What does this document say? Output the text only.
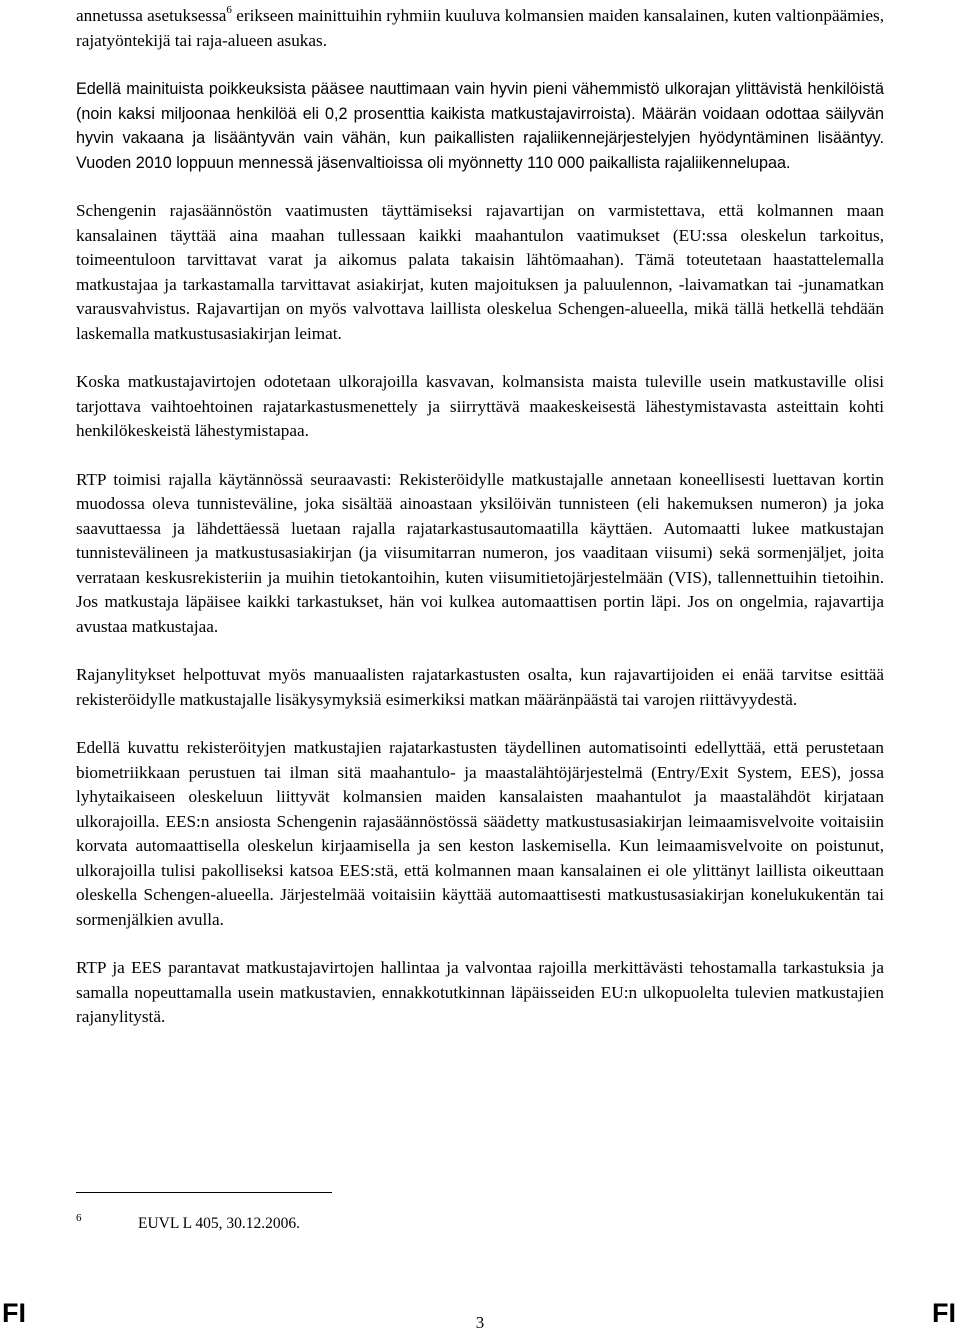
annetussa asetuksessa$^6$ erikseen mainittuihin ryhmiin kuuluva kolmansien maiden kansalainen, kuten valtionpäämies, rajatyöntekijä tai raja-alueen asukas.

Edellä mainituista poikkeuksista pääsee nauttimaan vain hyvin pieni vähemmistö ulkorajan ylittävistä henkilöistä (noin kaksi miljoonaa henkilöä eli 0,2 prosenttia kaikista matkustajavirroista). Määrän voidaan odottaa säilyvän hyvin vakaana ja lisääntyvän vain vähän, kun paikallisten rajaliikennejärjestelyjen hyödyntäminen lisääntyy. Vuoden 2010 loppuun mennessä jäsenvaltioissa oli myönnetty 110 000 paikallista rajaliikennelupaa.

Schengenin rajasäännöstön vaatimusten täyttämiseksi rajavartijan on varmistettava, että kolmannen maan kansalainen täyttää aina maahan tullessaan kaikki maahantulon vaatimukset (EU:ssa oleskelun tarkoitus, toimeentuloon tarvittavat varat ja aikomus palata takaisin lähtömaahan). Tämä toteutetaan haastattelemalla matkustajaa ja tarkastamalla tarvittavat asiakirjat, kuten majoituksen ja paluulennon, -laivamatkan tai -junamatkan varausvahvistus. Rajavartijan on myös valvottava laillista oleskelua Schengen-alueella, mikä tällä hetkellä tehdään laskemalla matkustusasiakirjan leimat.

Koska matkustajavirtojen odotetaan ulkorajoilla kasvavan, kolmansista maista tuleville usein matkustaville olisi tarjottava vaihtoehtoinen rajatarkastusmenettely ja siirryttävä maakeskeisestä lähestymistavasta asteittain kohti henkilökeskeistä lähestymistapaa.

RTP toimisi rajalla käytännössä seuraavasti: Rekisteröidylle matkustajalle annetaan koneellisesti luettavan kortin muodossa oleva tunnisteväline, joka sisältää ainoastaan yksilöivän tunnisteen (eli hakemuksen numeron) ja joka saavuttaessa ja lähdettäessä luetaan rajalla rajatarkastusautomaatilla käyttäen. Automaatti lukee matkustajan tunnistevälineen ja matkustusasiakirjan (ja viisumitarran numeron, jos vaaditaan viisumi) sekä sormenjäljet, joita verrataan keskusrekisteriin ja muihin tietokantoihin, kuten viisumitietojärjestelmään (VIS), tallennettuihin tietoihin. Jos matkustaja läpäisee kaikki tarkastukset, hän voi kulkea automaattisen portin läpi. Jos on ongelmia, rajavartija avustaa matkustajaa.

Rajanylitykset helpottuvat myös manuaalisten rajatarkastusten osalta, kun rajavartijoiden ei enää tarvitse esittää rekisteröidylle matkustajalle lisäkysymyksiä esimerkiksi matkan määränpäästä tai varojen riittävyydestä.

Edellä kuvattu rekisteröityjen matkustajien rajatarkastusten täydellinen automatisointi edellyttää, että perustetaan biometriikkaan perustuen tai ilman sitä maahantulo- ja maastalähtöjärjestelmä (Entry/Exit System, EES), jossa lyhytaikaiseen oleskeluun liittyvät kolmansien maiden kansalaisten maahantulot ja maastalähdöt kirjataan ulkorajoilla. EES:n ansiosta Schengenin rajasäännöstössä säädetty matkustusasiakirjan leimaamisvelvoite voitaisiin korvata automaattisella oleskelun kirjaamisella ja sen keston laskemisella. Kun leimaamisvelvoite on poistunut, ulkorajoilla tulisi pakolliseksi katsoa EES:stä, että kolmannen maan kansalainen ei ole ylittänyt laillista oikeuttaan oleskella Schengen-alueella. Järjestelmää voitaisiin käyttää automaattisesti matkustusasiakirjan konelukukentän tai sormenjälkien avulla.

RTP ja EES parantavat matkustajavirtojen hallintaa ja valvontaa rajoilla merkittävästi tehostamalla tarkastuksia ja samalla nopeuttamalla usein matkustavien, ennakkotutkinnan läpäisseiden EU:n ulkopuolelta tulevien matkustajien rajanylitystä.

6	EUVL L 405, 30.12.2006.
FI	3	FI
